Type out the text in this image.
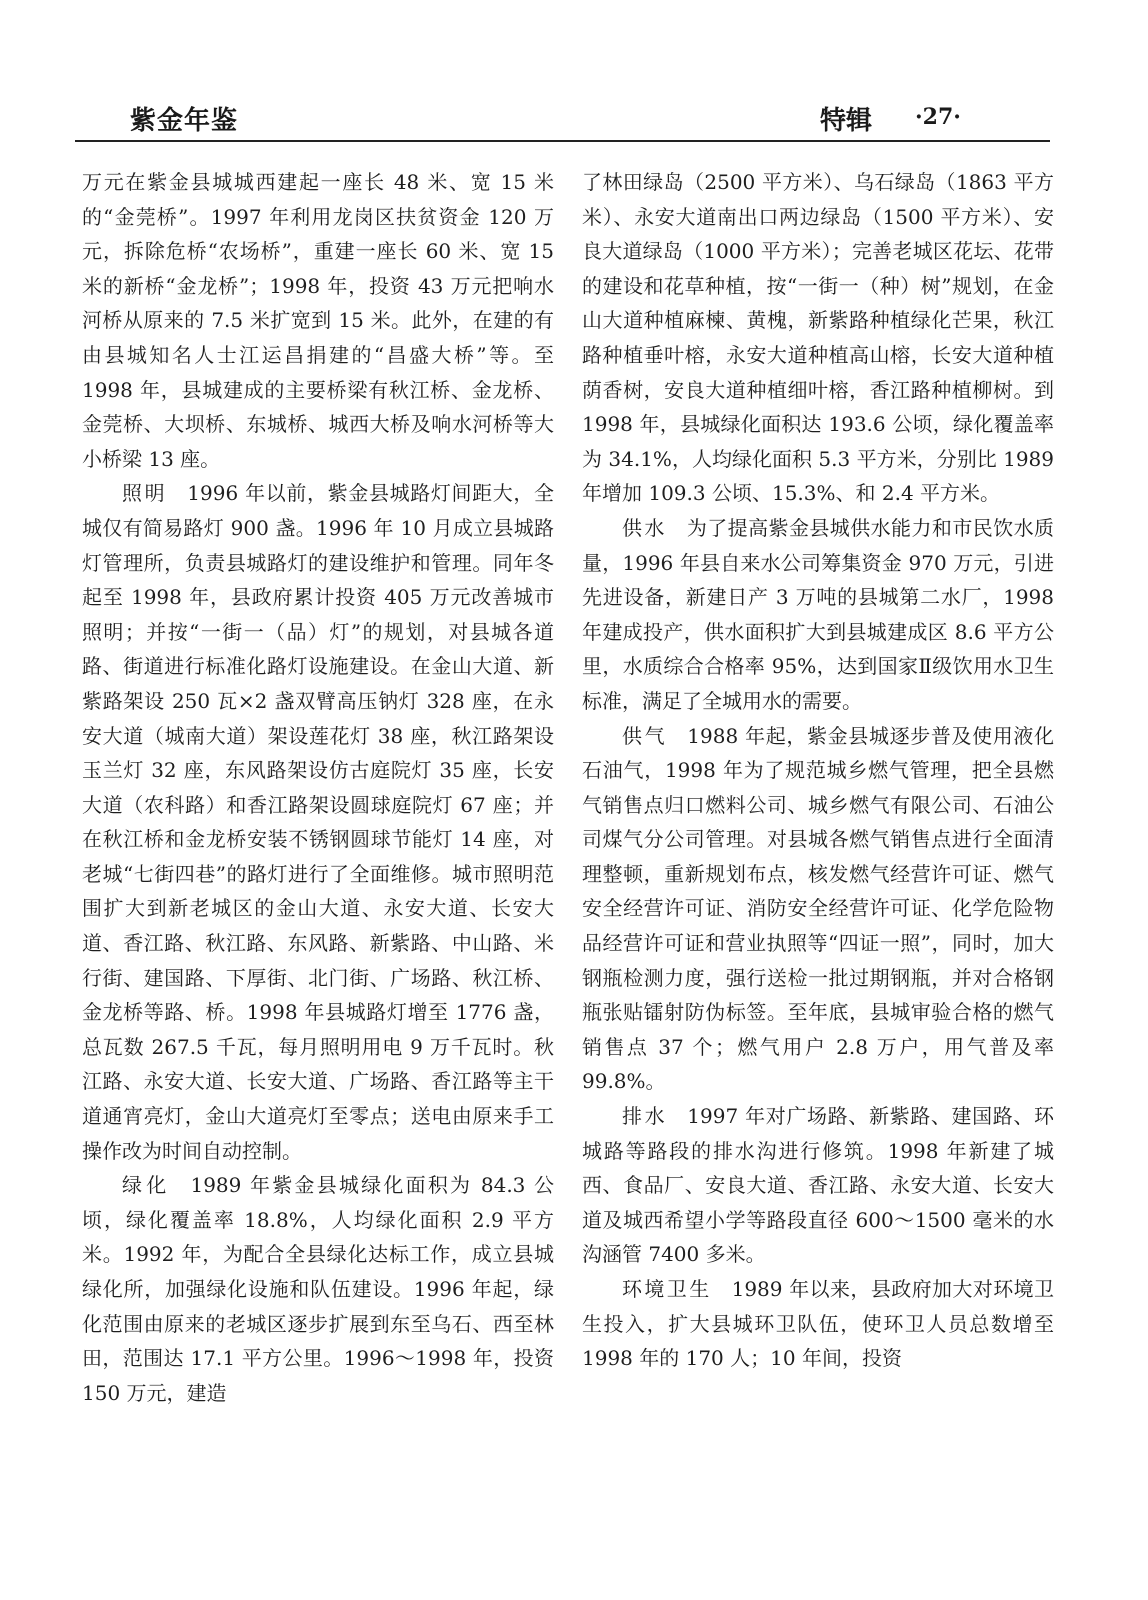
紫金年鉴	特辑 ·27·

万元在紫金县城城西建起一座长 48 米、宽 15 米的“金莞桥”。1997 年利用龙岗区扶贫资金 120 万元，拆除危桥“农场桥”，重建一座长 60 米、宽 15 米的新桥“金龙桥”；1998 年，投资 43 万元把响水河桥从原来的 7.5 米扩宽到 15 米。此外，在建的有由县城知名人士江运昌捐建的“昌盛大桥”等。至 1998 年，县城建成的主要桥梁有秋江桥、金龙桥、金莞桥、大坝桥、东城桥、城西大桥及响水河桥等大小桥梁 13 座。

照明 1996 年以前，紫金县城路灯间距大，全城仅有简易路灯 900 盏。1996 年 10 月成立县城路灯管理所，负责县城路灯的建设维护和管理。同年冬起至 1998 年，县政府累计投资 405 万元改善城市照明；并按“一街一（品）灯”的规划，对县城各道路、街道进行标准化路灯设施建设。在金山大道、新紫路架设 250 瓦×2 盏双臂高压钠灯 328 座，在永安大道（城南大道）架设莲花灯 38 座，秋江路架设玉兰灯 32 座，东风路架设仿古庭院灯 35 座，长安大道（农科路）和香江路架设圆球庭院灯 67 座；并在秋江桥和金龙桥安装不锈钢圆球节能灯 14 座，对老城“七街四巷”的路灯进行了全面维修。城市照明范围扩大到新老城区的金山大道、永安大道、长安大道、香江路、秋江路、东风路、新紫路、中山路、米行街、建国路、下厚街、北门街、广场路、秋江桥、金龙桥等路、桥。1998 年县城路灯增至 1776 盏，总瓦数 267.5 千瓦，每月照明用电 9 万千瓦时。秋江路、永安大道、长安大道、广场路、香江路等主干道通宵亮灯，金山大道亮灯至零点；送电由原来手工操作改为时间自动控制。

绿化 1989 年紫金县城绿化面积为 84.3 公顷，绿化覆盖率 18.8%，人均绿化面积 2.9 平方米。1992 年，为配合全县绿化达标工作，成立县城绿化所，加强绿化设施和队伍建设。1996 年起，绿化范围由原来的老城区逐步扩展到东至乌石、西至林田，范围达 17.1 平方公里。1996～1998 年，投资 150 万元，建造

了林田绿岛（2500 平方米）、乌石绿岛（1863 平方米）、永安大道南出口两边绿岛（1500 平方米）、安良大道绿岛（1000 平方米）；完善老城区花坛、花带的建设和花草种植，按“一街一（种）树”规划，在金山大道种植麻楝、黄槐，新紫路种植绿化芒果，秋江路种植垂叶榕，永安大道种植高山榕，长安大道种植荫香树，安良大道种植细叶榕，香江路种植柳树。到 1998 年，县城绿化面积达 193.6 公顷，绿化覆盖率为 34.1%，人均绿化面积 5.3 平方米，分别比 1989 年增加 109.3 公顷、15.3%、和 2.4 平方米。

供水 为了提高紫金县城供水能力和市民饮水质量，1996 年县自来水公司筹集资金 970 万元，引进先进设备，新建日产 3 万吨的县城第二水厂，1998 年建成投产，供水面积扩大到县城建成区 8.6 平方公里，水质综合合格率 95%，达到国家Ⅱ级饮用水卫生标准，满足了全城用水的需要。

供气 1988 年起，紫金县城逐步普及使用液化石油气，1998 年为了规范城乡燃气管理，把全县燃气销售点归口燃料公司、城乡燃气有限公司、石油公司煤气分公司管理。对县城各燃气销售点进行全面清理整顿，重新规划布点，核发燃气经营许可证、燃气安全经营许可证、消防安全经营许可证、化学危险物品经营许可证和营业执照等“四证一照”，同时，加大钢瓶检测力度，强行送检一批过期钢瓶，并对合格钢瓶张贴镭射防伪标签。至年底，县城审验合格的燃气销售点 37 个；燃气用户 2.8 万户，用气普及率 99.8%。

排水 1997 年对广场路、新紫路、建国路、环城路等路段的排水沟进行修筑。1998 年新建了城西、食品厂、安良大道、香江路、永安大道、长安大道及城西希望小学等路段直径 600～1500 毫米的水沟涵管 7400 多米。

环境卫生 1989 年以来，县政府加大对环境卫生投入，扩大县城环卫队伍，使环卫人员总数增至 1998 年的 170 人；10 年间，投资
